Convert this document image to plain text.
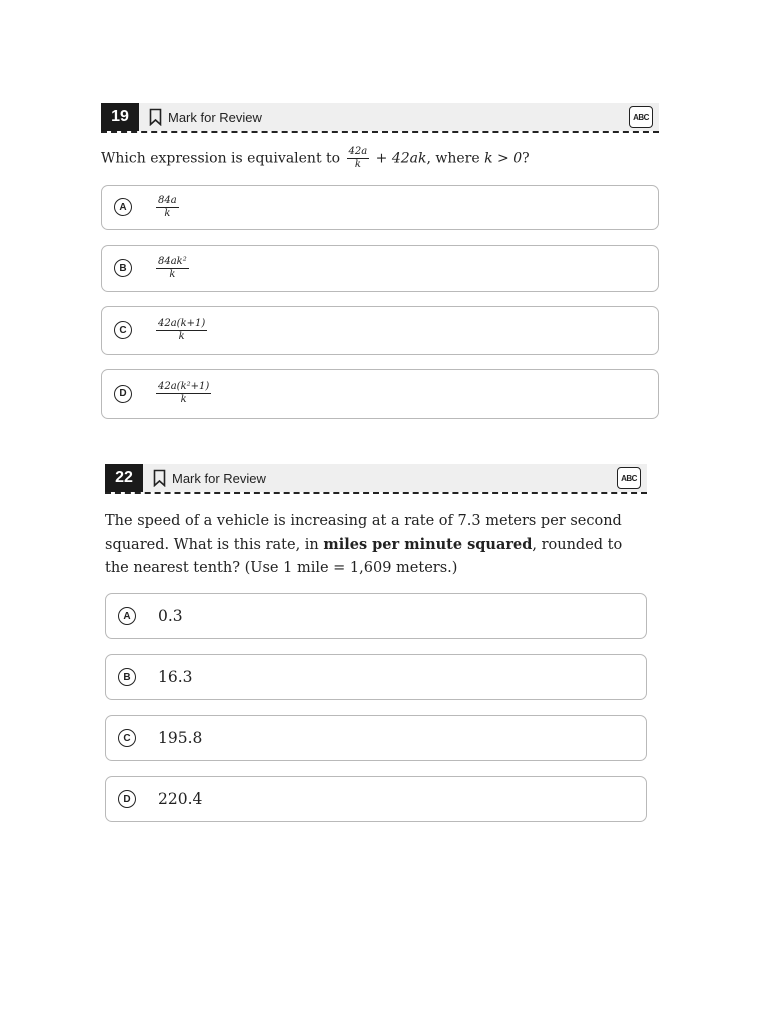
19	Mark for Review	ABC
Which expression is equivalent to $\frac{42a}{k} + 42ak$, where k > 0?
A	$\frac{84a}{k}$
B	$\frac{\text{84ak²}}{k}$
C	$\frac{42a(k+1)}{k}$
D	$\frac{\text{42a(k²+1)}}{k}$
22	Mark for Review	ABC
The speed of a vehicle is increasing at a rate of 7.3 meters per second squared. What is this rate, in miles per minute squared, rounded to the nearest tenth? (Use 1 mile = 1,609 meters.)
A	0.3
B	16.3
C	195.8
D	220.4
